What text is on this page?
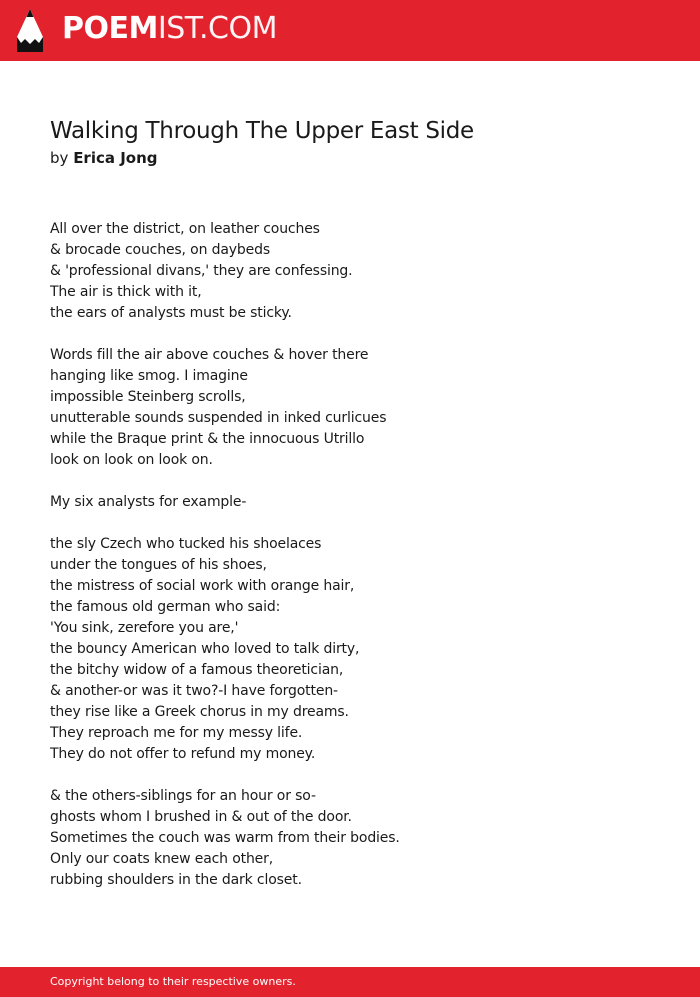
POEMIST.COM
Walking Through The Upper East Side
by Erica Jong
All over the district, on leather couches
& brocade couches, on daybeds
& 'professional divans,' they are confessing.
The air is thick with it,
the ears of analysts must be sticky.
Words fill the air above couches & hover there
hanging like smog. I imagine
impossible Steinberg scrolls,
unutterable sounds suspended in inked curlicues
while the Braque print & the innocuous Utrillo
look on look on look on.
My six analysts for example-
the sly Czech who tucked his shoelaces
under the tongues of his shoes,
the mistress of social work with orange hair,
the famous old german who said:
'You sink, zerefore you are,'
the bouncy American who loved to talk dirty,
the bitchy widow of a famous theoretician,
& another-or was it two?-I have forgotten-
they rise like a Greek chorus in my dreams.
They reproach me for my messy life.
They do not offer to refund my money.
& the others-siblings for an hour or so-
ghosts whom I brushed in & out of the door.
Sometimes the couch was warm from their bodies.
Only our coats knew each other,
rubbing shoulders in the dark closet.
Copyright belong to their respective owners.
